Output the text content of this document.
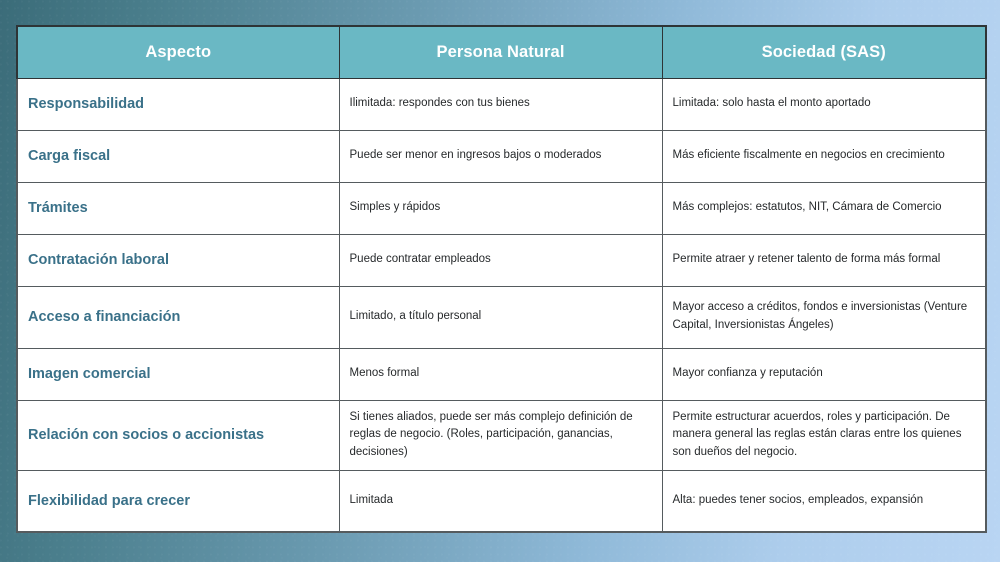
Aspecto	Persona Natural	Sociedad (SAS)
Responsabilidad	Ilimitada: respondes con tus bienes	Limitada: solo hasta el monto aportado
Carga fiscal	Puede ser menor en ingresos bajos o moderados	Más eficiente fiscalmente en negocios en crecimiento
Trámites	Simples y rápidos	Más complejos: estatutos, NIT, Cámara de Comercio
Contratación laboral	Puede contratar empleados	Permite atraer y retener talento de forma más formal
Acceso a financiación	Limitado, a título personal	Mayor acceso a créditos, fondos e inversionistas (Venture Capital, Inversionistas Ángeles)
Imagen comercial	Menos formal	Mayor confianza y reputación
Relación con socios o accionistas	Si tienes aliados, puede ser más complejo definición de reglas de negocio. (Roles, participación, ganancias, decisiones)	Permite estructurar acuerdos, roles y participación. De manera general las reglas están claras entre los quienes son dueños del negocio.
Flexibilidad para crecer	Limitada	Alta: puedes tener socios, empleados, expansión
